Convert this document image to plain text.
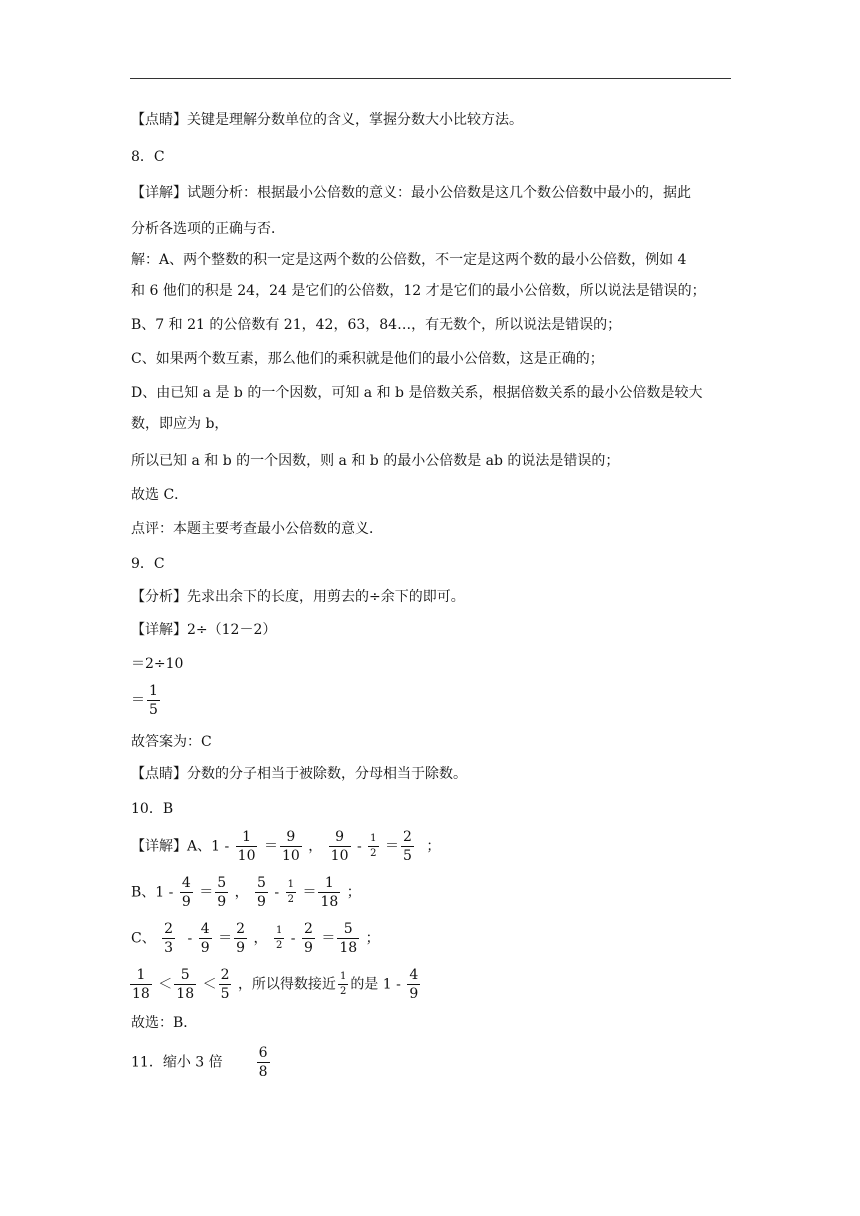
【点睛】关键是理解分数单位的含义，掌握分数大小比较方法。
8．C
【详解】试题分析：根据最小公倍数的意义：最小公倍数是这几个数公倍数中最小的，据此
分析各选项的正确与否．
解：A、两个整数的积一定是这两个数的公倍数，不一定是这两个数的最小公倍数，例如 4
和 6 他们的积是 24，24 是它们的公倍数，12 才是它们的最小公倍数，所以说法是错误的；
B、7 和 21 的公倍数有 21，42，63，84…，有无数个，所以说法是错误的；
C、如果两个数互素，那么他们的乘积就是他们的最小公倍数，这是正确的；
D、由已知 a 是 b 的一个因数，可知 a 和 b 是倍数关系，根据倍数关系的最小公倍数是较大
数，即应为 b，
所以已知 a 和 b 的一个因数，则 a 和 b 的最小公倍数是 ab 的说法是错误的；
故选 C．
点评：本题主要考查最小公倍数的意义．
9．C
【分析】先求出余下的长度，用剪去的÷余下的即可。
【详解】2÷（12－2）
＝2÷10
＝ $\frac{1}{5}$
故答案为：C
【点睛】分数的分子相当于被除数，分母相当于除数。
10．B
【详解】A、$1 - \frac{1}{10} = \frac{9}{10}$ ， $\frac{9}{10} - \frac{1}{2} = \frac{2}{5}$ ；
B、$1 - \frac{4}{9} = \frac{5}{9}$ ， $\frac{5}{9} - \frac{1}{2} = \frac{1}{18}$ ；
C、 $\frac{2}{3} - \frac{4}{9} = \frac{2}{9}$ ， $\frac{1}{2} - \frac{2}{9} = \frac{5}{18}$ ；
$\frac{1}{18} < \frac{5}{18} < \frac{2}{5}$ ，所以得数接近 $\frac{1}{2}$ 的是 $1 - \frac{4}{9}$
故选：B．
11．缩小 3 倍 $\frac{6}{8}$
